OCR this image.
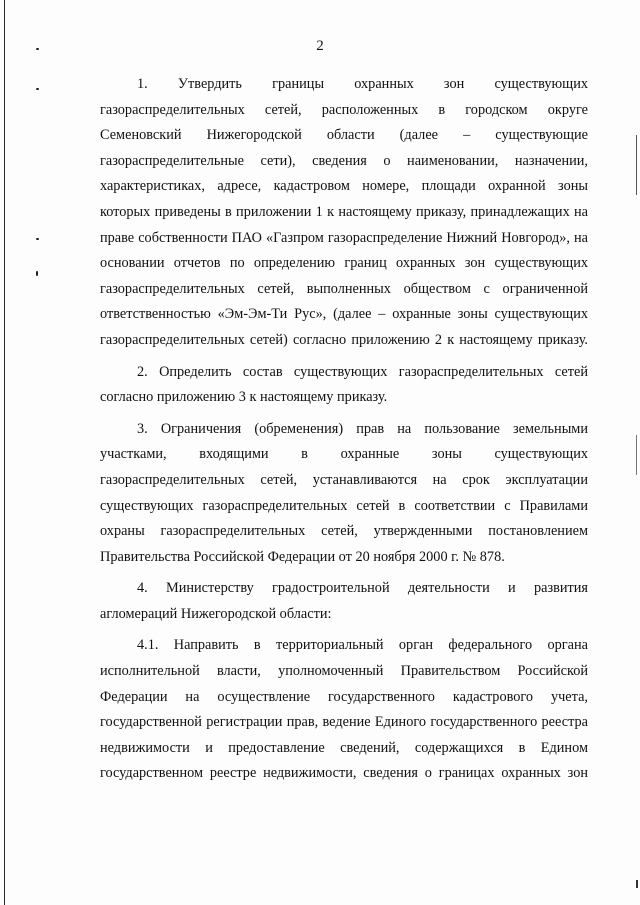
2

1. Утвердить границы охранных зон существующих газораспределительных сетей, расположенных в городском округе Семеновский Нижегородской области (далее – существующие газораспределительные сети), сведения о наименовании, назначении, характеристиках, адресе, кадастровом номере, площади охранной зоны которых приведены в приложении 1 к настоящему приказу, принадлежащих на праве собственности ПАО «Газпром газораспределение Нижний Новгород», на основании отчетов по определению границ охранных зон существующих газораспределительных сетей, выполненных обществом с ограниченной ответственностью «Эм-Эм-Ти Рус», (далее – охранные зоны существующих газораспределительных сетей) согласно приложению 2 к настоящему приказу.

2. Определить состав существующих газораспределительных сетей согласно приложению 3 к настоящему приказу.

3. Ограничения (обременения) прав на пользование земельными участками, входящими в охранные зоны существующих газораспределительных сетей, устанавливаются на срок эксплуатации существующих газораспределительных сетей в соответствии с Правилами охраны газораспределительных сетей, утвержденными постановлением Правительства Российской Федерации от 20 ноября 2000 г. № 878.

4. Министерству градостроительной деятельности и развития агломераций Нижегородской области:

4.1. Направить в территориальный орган федерального органа исполнительной власти, уполномоченный Правительством Российской Федерации на осуществление государственного кадастрового учета, государственной регистрации прав, ведение Единого государственного реестра недвижимости и предоставление сведений, содержащихся в Едином государственном реестре недвижимости, сведения о границах охранных зон
